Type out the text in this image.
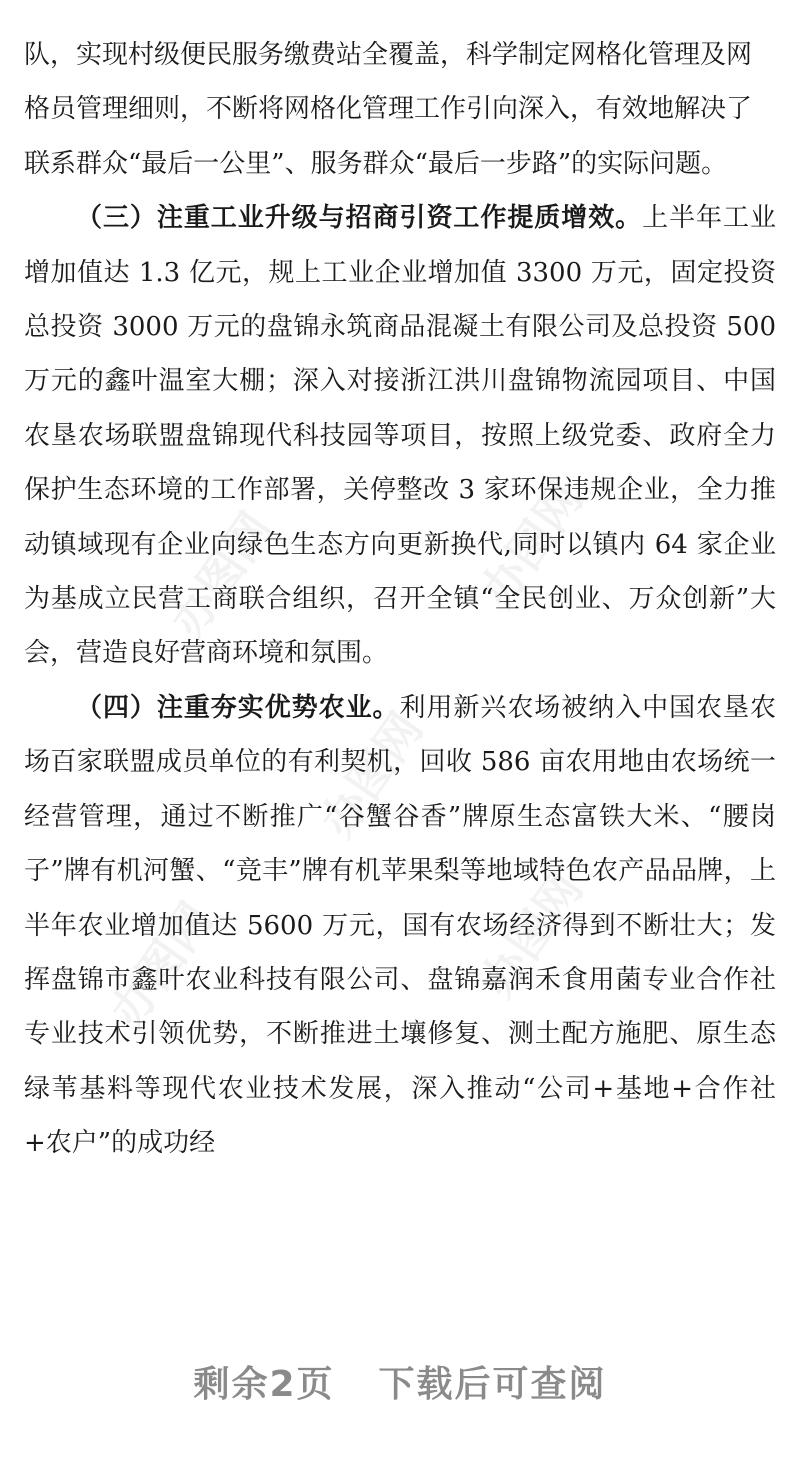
办图网	办图网
办图网
办图网	办图网

队，实现村级便民服务缴费站全覆盖，科学制定网格化管理及网格员管理细则，不断将网格化管理工作引向深入，有效地解决了联系群众“最后一公里”、服务群众“最后一步路”的实际问题。

（三）注重工业升级与招商引资工作提质增效。上半年工业增加值达 1.3 亿元，规上工业企业增加值 3300 万元，固定投资总投资 3000 万元的盘锦永筑商品混凝土有限公司及总投资 500 万元的鑫叶温室大棚；深入对接浙江洪川盘锦物流园项目、中国农垦农场联盟盘锦现代科技园等项目，按照上级党委、政府全力保护生态环境的工作部署，关停整改 3 家环保违规企业，全力推动镇域现有企业向绿色生态方向更新换代,同时以镇内 64 家企业为基成立民营工商联合组织，召开全镇“全民创业、万众创新”大会，营造良好营商环境和氛围。

（四）注重夯实优势农业。利用新兴农场被纳入中国农垦农场百家联盟成员单位的有利契机，回收 586 亩农用地由农场统一经营管理，通过不断推广“谷蟹谷香”牌原生态富铁大米、“腰岗子”牌有机河蟹、“竞丰”牌有机苹果梨等地域特色农产品品牌，上半年农业增加值达 5600 万元，国有农场经济得到不断壮大；发挥盘锦市鑫叶农业科技有限公司、盘锦嘉润禾食用菌专业合作社专业技术引领优势，不断推进土壤修复、测土配方施肥、原生态绿苇基料等现代农业技术发展，深入推动“公司+基地+合作社+农户”的成功经

剩余2页 下载后可查阅
